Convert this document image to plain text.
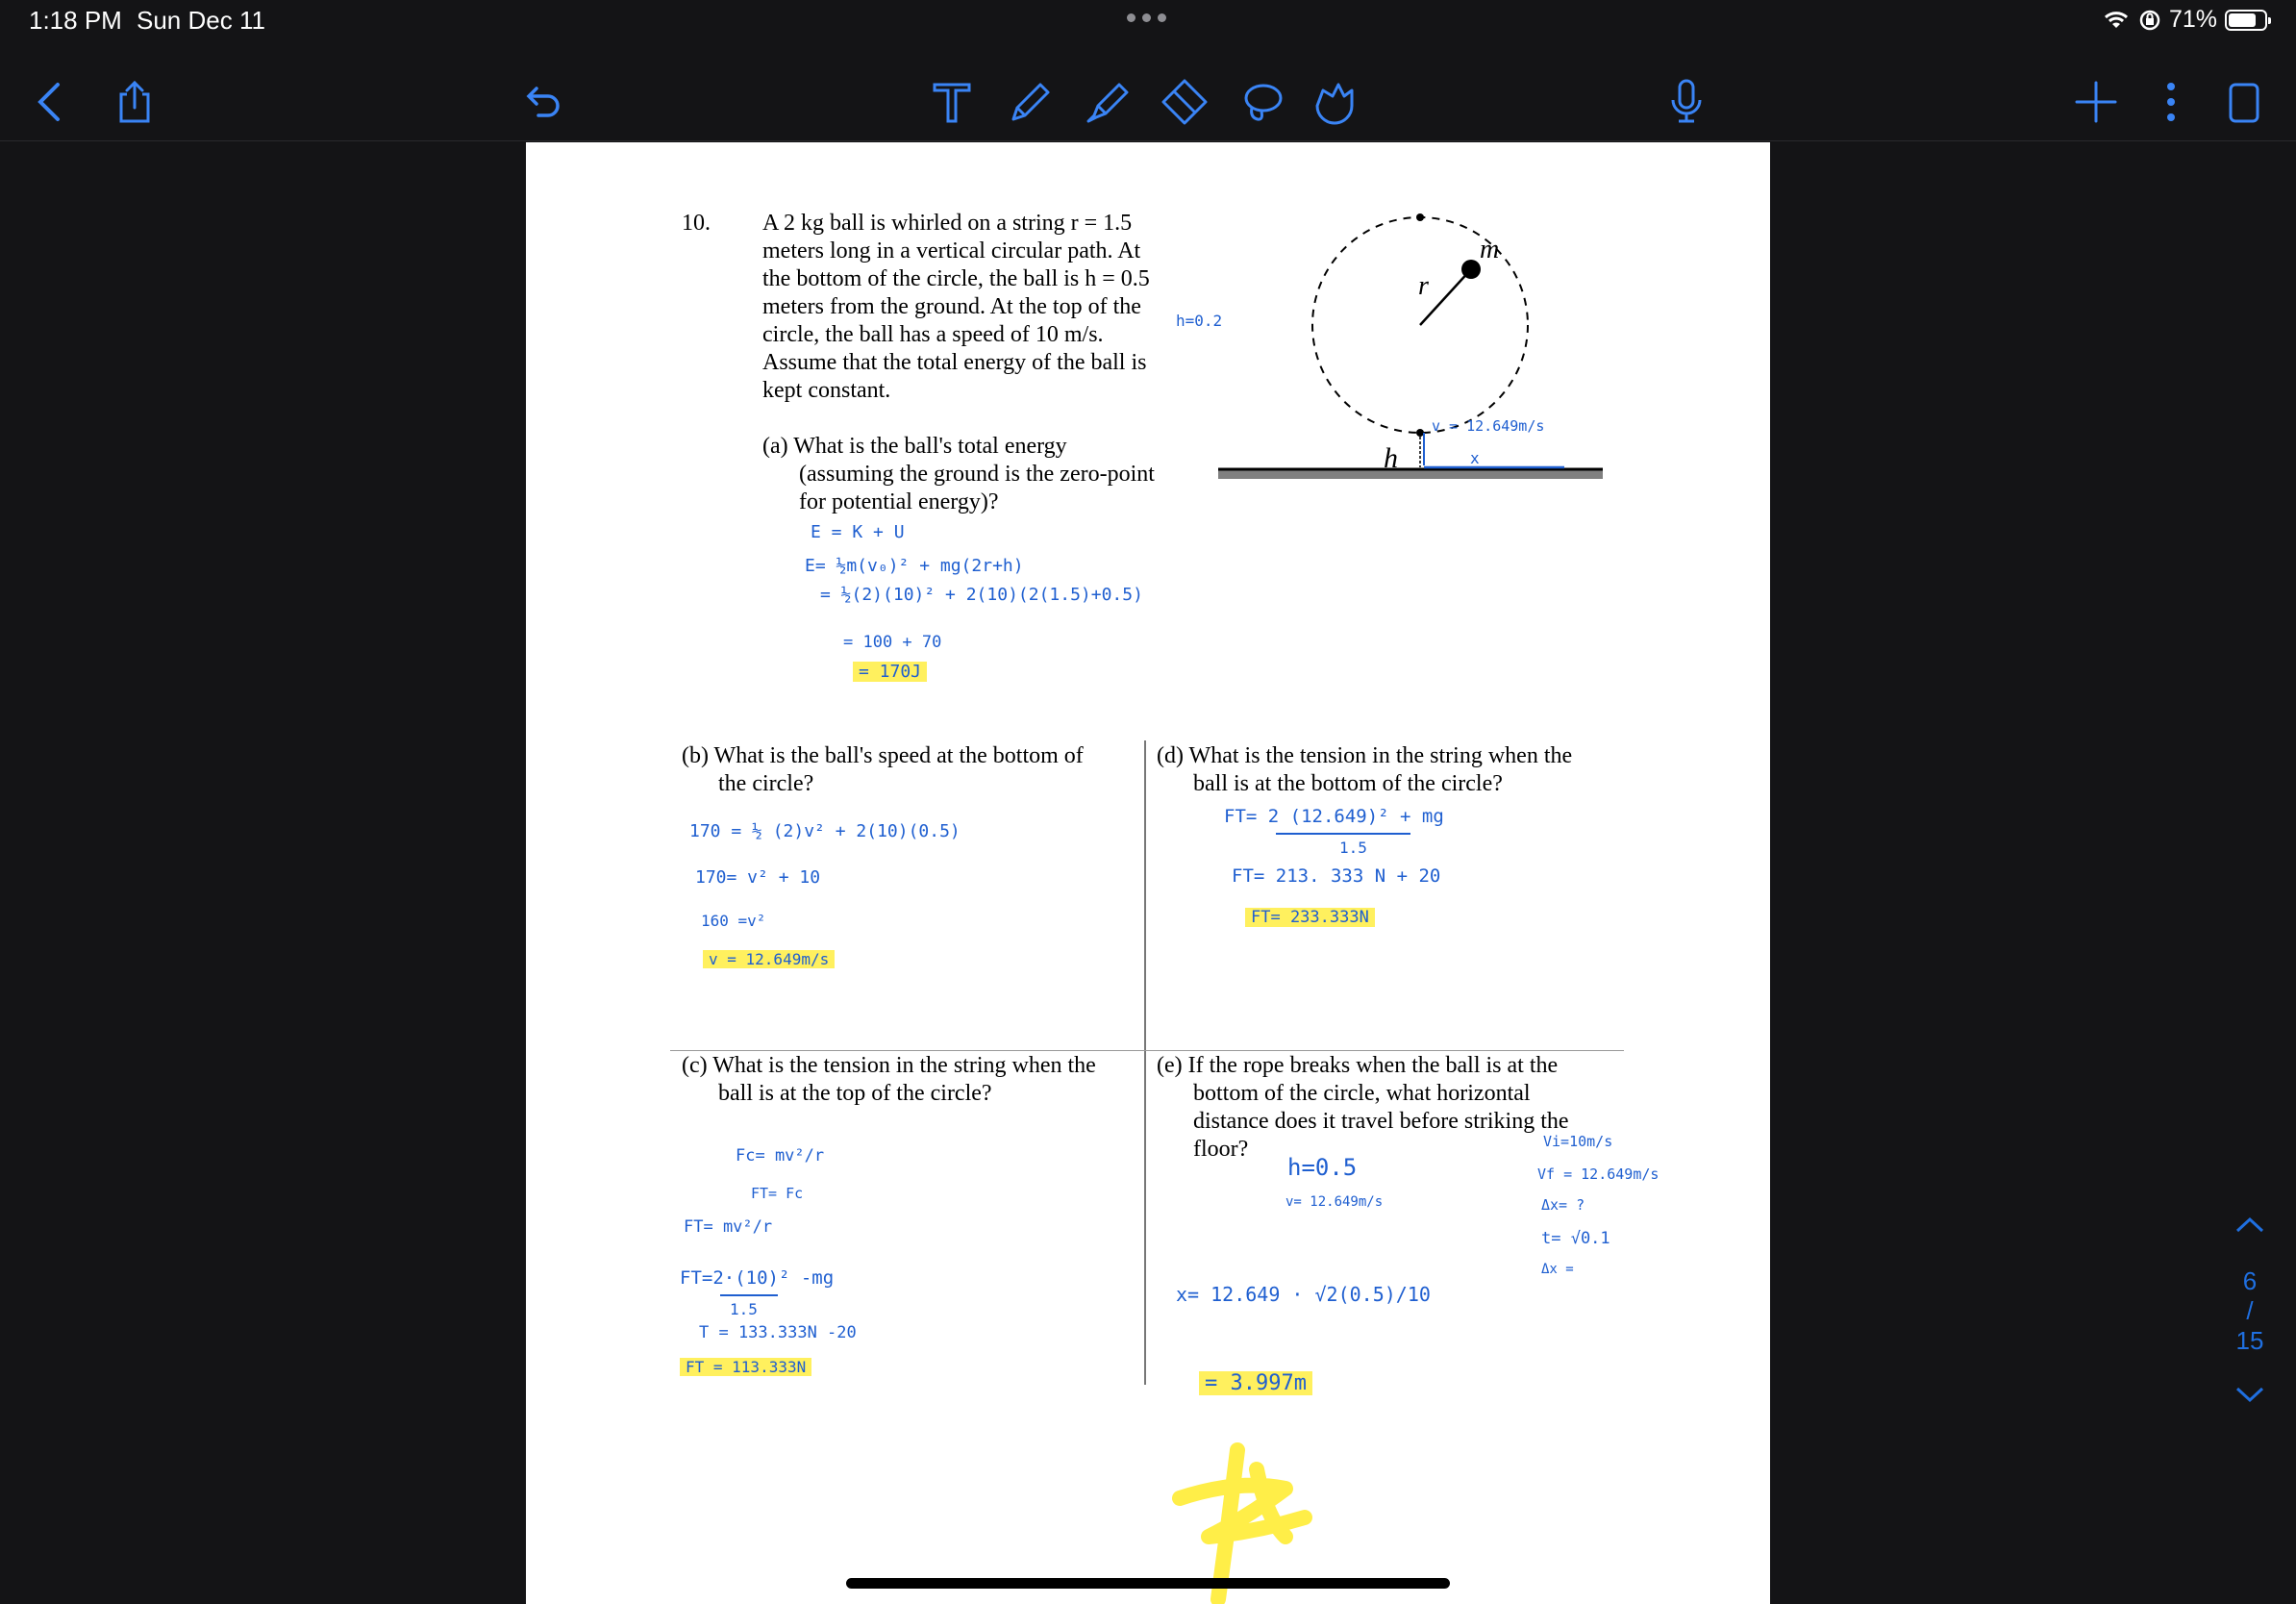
1:18 PM Sun Dec 11	71%
10. A 2 kg ball is whirled on a string r = 1.5
meters long in a vertical circular path. At
the bottom of the circle, the ball is h = 0.5
meters from the ground. At the top of the
circle, the ball has a speed of 10 m/s.
Assume that the total energy of the ball is
kept constant.
(a) What is the ball's total energy
(assuming the ground is the zero-point
for potential energy)?
m
r
h	x
v = 12.649m/s
h=0.2
E = K + U
E= ½m(v₀)² + mg(2r+h)
= ½(2)(10)² + 2(10)(2(1.5)+0.5)
= 100 + 70
= 170J
(b) What is the ball's speed at the bottom of
the circle?
170 = ½ (2)v² + 2(10)(0.5)
170= v² + 10
160 =v²
v = 12.649m/s
(d) What is the tension in the string when the
ball is at the bottom of the circle?
FT= 2 (12.649)² + mg
1.5
FT= 213. 333 N + 20
FT= 233.333N
(c) What is the tension in the string when the
ball is at the top of the circle?
Fc= mv²/r
FT= Fc
FT= mv²/r
FT=2·(10)² -mg
1.5
T = 133.333N -20
FT = 113.333N
(e) If the rope breaks when the ball is at the
bottom of the circle, what horizontal
distance does it travel before striking the
floor?
h=0.5
v= 12.649m/s
Vi=10m/s
Vf = 12.649m/s
Δx= ?
t= √0.1
Δx =
x= 12.649 · √2(0.5)/10
= 3.997m
6
/
15
